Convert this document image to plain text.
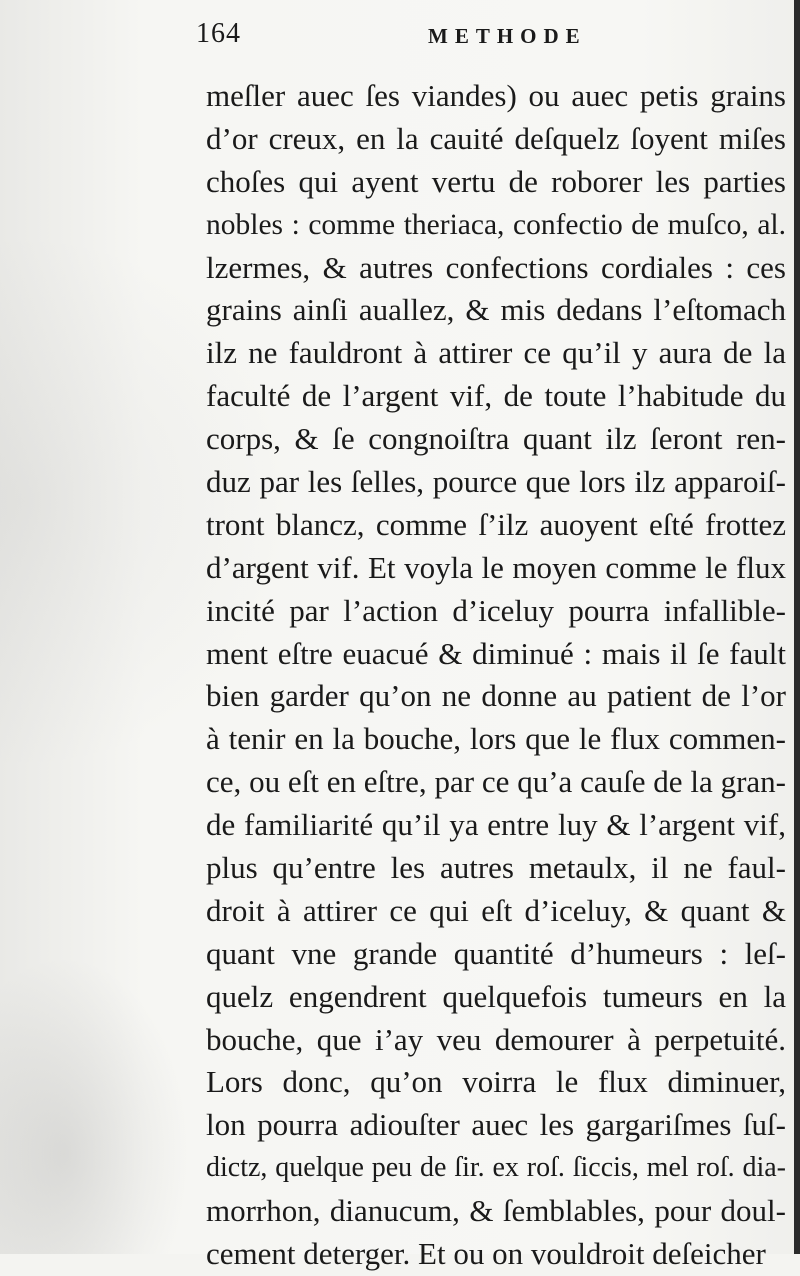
164	METHODE
meſler auec ſes viandes) ou auec petis grains
d’or creux, en la cauité deſquelz ſoyent miſes
choſes qui ayent vertu de roborer les parties
nobles : comme theriaca, confectio de muſco, al.
lzermes, & autres confections cordiales : ces
grains ainſi auallez, & mis dedans l’eſtomach
ilz ne fauldront à attirer ce qu’il y aura de la
faculté de l’argent vif, de toute l’habitude du
corps, & ſe congnoiſtra quant ilz ſeront ren-
duz par les ſelles, pource que lors ilz apparoiſ-
tront blancz, comme ſ’ilz auoyent eſté frottez
d’argent vif. Et voyla le moyen comme le flux
incité par l’action d’iceluy pourra infallible-
ment eſtre euacué & diminué : mais il ſe fault
bien garder qu’on ne donne au patient de l’or
à tenir en la bouche, lors que le flux commen-
ce, ou eſt en eſtre, par ce qu’a cauſe de la gran-
de familiarité qu’il ya entre luy & l’argent vif,
plus qu’entre les autres metaulx, il ne faul-
droit à attirer ce qui eſt d’iceluy, & quant &
quant vne grande quantité d’humeurs : leſ-
quelz engendrent quelquefois tumeurs en la
bouche, que i’ay veu demourer à perpetuité.
Lors donc, qu’on voirra le flux diminuer,
lon pourra adiouſter auec les gargariſmes ſuſ-
dictz, quelque peu de ſir. ex roſ. ſiccis, mel roſ. dia-
morrhon, dianucum, & ſemblables, pour doul-
cement deterger. Et ou on vouldroit deſeicher
